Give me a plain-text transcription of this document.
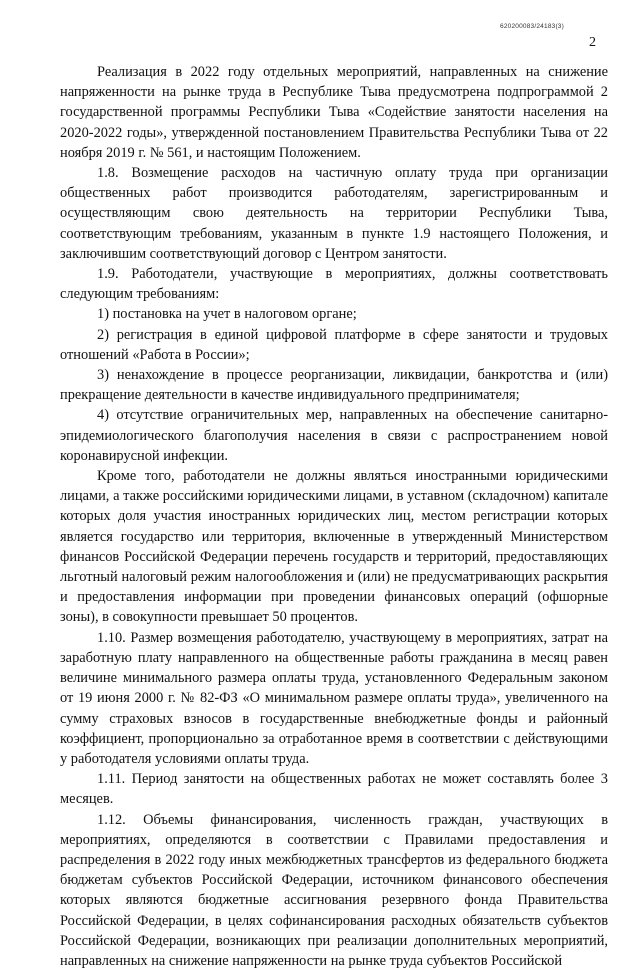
620200083/24183(3)
2

Реализация в 2022 году отдельных мероприятий, направленных на снижение напряженности на рынке труда в Республике Тыва предусмотрена подпрограммой 2 государственной программы Республики Тыва «Содействие занятости населения на 2020-2022 годы», утвержденной постановлением Правительства Республики Тыва от 22 ноября 2019 г. № 561, и настоящим Положением.

1.8. Возмещение расходов на частичную оплату труда при организации общественных работ производится работодателям, зарегистрированным и осуществляющим свою деятельность на территории Республики Тыва, соответствующим требованиям, указанным в пункте 1.9 настоящего Положения, и заключившим соответствующий договор с Центром занятости.

1.9. Работодатели, участвующие в мероприятиях, должны соответствовать следующим требованиям:

1) постановка на учет в налоговом органе;

2) регистрация в единой цифровой платформе в сфере занятости и трудовых отношений «Работа в России»;

3) ненахождение в процессе реорганизации, ликвидации, банкротства и (или) прекращение деятельности в качестве индивидуального предпринимателя;

4) отсутствие ограничительных мер, направленных на обеспечение санитарно-эпидемиологического благополучия населения в связи с распространением новой коронавирусной инфекции.

Кроме того, работодатели не должны являться иностранными юридическими лицами, а также российскими юридическими лицами, в уставном (складочном) капитале которых доля участия иностранных юридических лиц, местом регистрации которых является государство или территория, включенные в утвержденный Министерством финансов Российской Федерации перечень государств и территорий, предоставляющих льготный налоговый режим налогообложения и (или) не предусматривающих раскрытия и предоставления информации при проведении финансовых операций (офшорные зоны), в совокупности превышает 50 процентов.

1.10. Размер возмещения работодателю, участвующему в мероприятиях, затрат на заработную плату направленного на общественные работы гражданина в месяц равен величине минимального размера оплаты труда, установленного Федеральным законом от 19 июня 2000 г. № 82-ФЗ «О минимальном размере оплаты труда», увеличенного на сумму страховых взносов в государственные внебюджетные фонды и районный коэффициент, пропорционально за отработанное время в соответствии с действующими у работодателя условиями оплаты труда.

1.11. Период занятости на общественных работах не может составлять более 3 месяцев.

1.12. Объемы финансирования, численность граждан, участвующих в мероприятиях, определяются в соответствии с Правилами предоставления и распределения в 2022 году иных межбюджетных трансфертов из федерального бюджета бюджетам субъектов Российской Федерации, источником финансового обеспечения которых являются бюджетные ассигнования резервного фонда Правительства Российской Федерации, в целях софинансирования расходных обязательств субъектов Российской Федерации, возникающих при реализации дополнительных мероприятий, направленных на снижение напряженности на рынке труда субъектов Российской
